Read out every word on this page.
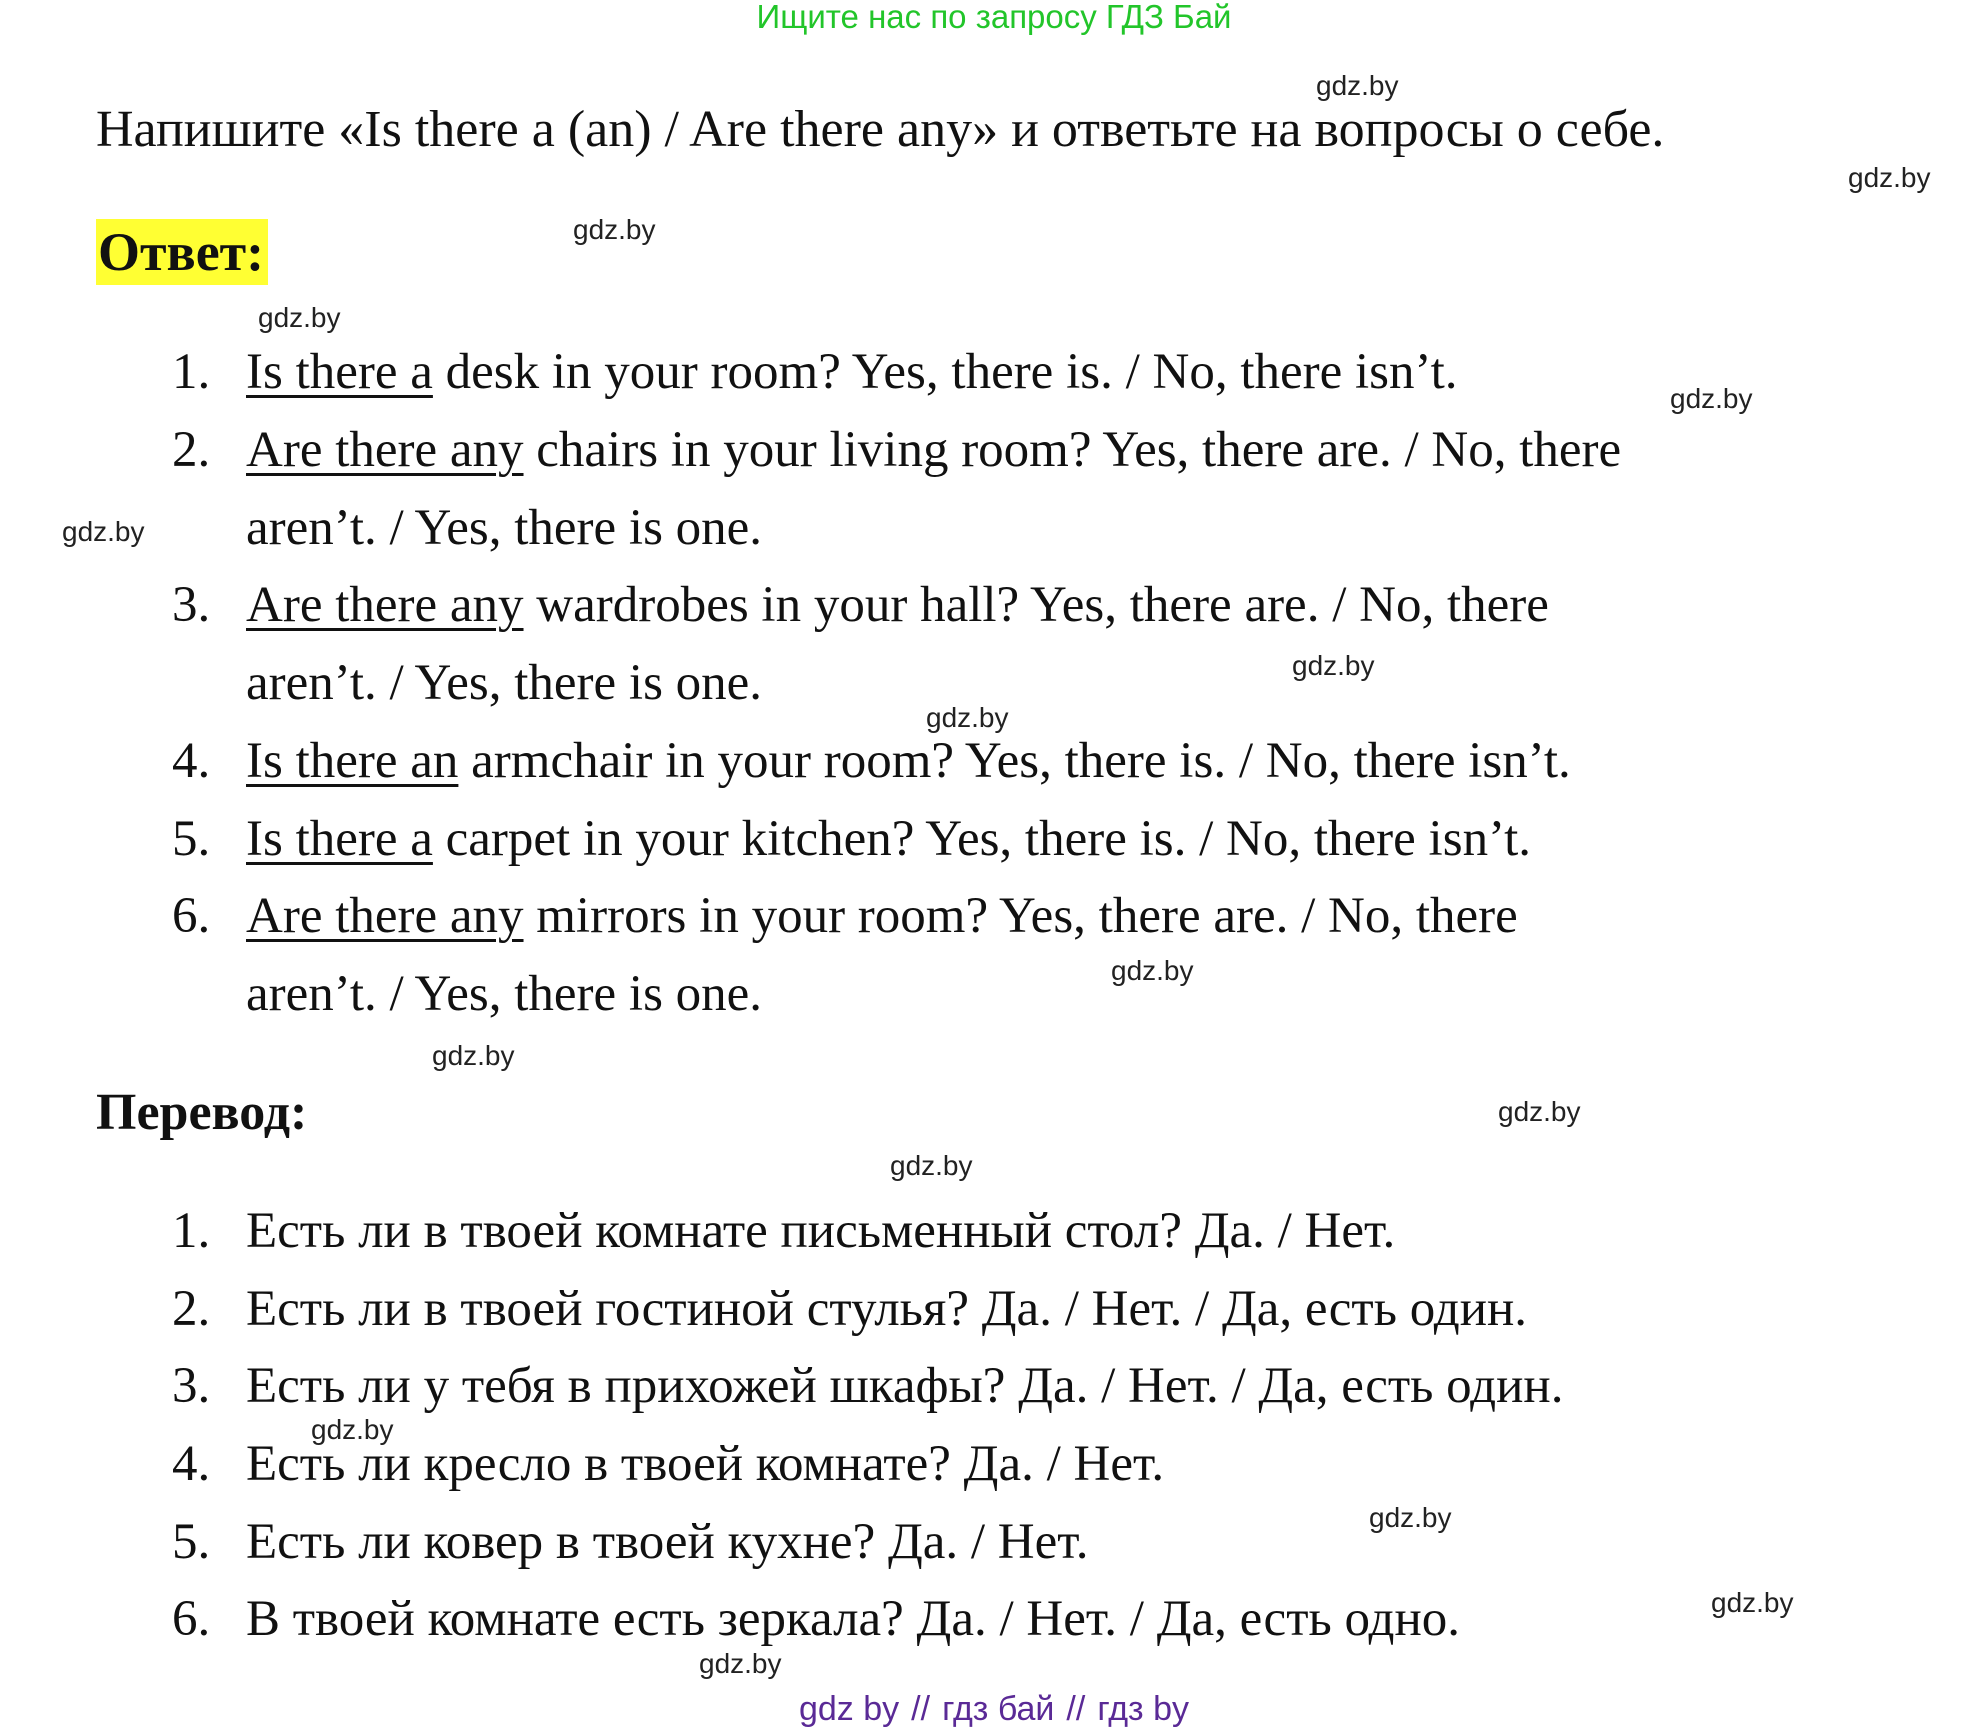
Ищите нас по запросу ГДЗ Бай
Напишите «Is there a (an) / Are there any» и ответьте на вопросы о себе.
Ответ:
1. Is there a desk in your room? Yes, there is. / No, there isn’t.
2. Are there any chairs in your living room? Yes, there are. / No, there
aren’t. / Yes, there is one.
3. Are there any wardrobes in your hall? Yes, there are. / No, there
aren’t. / Yes, there is one.
4. Is there an armchair in your room? Yes, there is. / No, there isn’t.
5. Is there a carpet in your kitchen? Yes, there is. / No, there isn’t.
6. Are there any mirrors in your room? Yes, there are. / No, there
aren’t. / Yes, there is one.
Перевод:
1. Есть ли в твоей комнате письменный стол? Да. / Нет.
2. Есть ли в твоей гостиной стулья? Да. / Нет. / Да, есть один.
3. Есть ли у тебя в прихожей шкафы? Да. / Нет. / Да, есть один.
4. Есть ли кресло в твоей комнате? Да. / Нет.
5. Есть ли ковер в твоей кухне? Да. / Нет.
6. В твоей комнате есть зеркала? Да. / Нет. / Да, есть одно.
gdz.by
gdz.by
gdz.by
gdz.by
gdz.by
gdz.by
gdz.by
gdz.by
gdz.by
gdz.by
gdz.by
gdz.by
gdz.by
gdz.by
gdz.by
gdz.by
gdz by // гдз бай // гдз by
